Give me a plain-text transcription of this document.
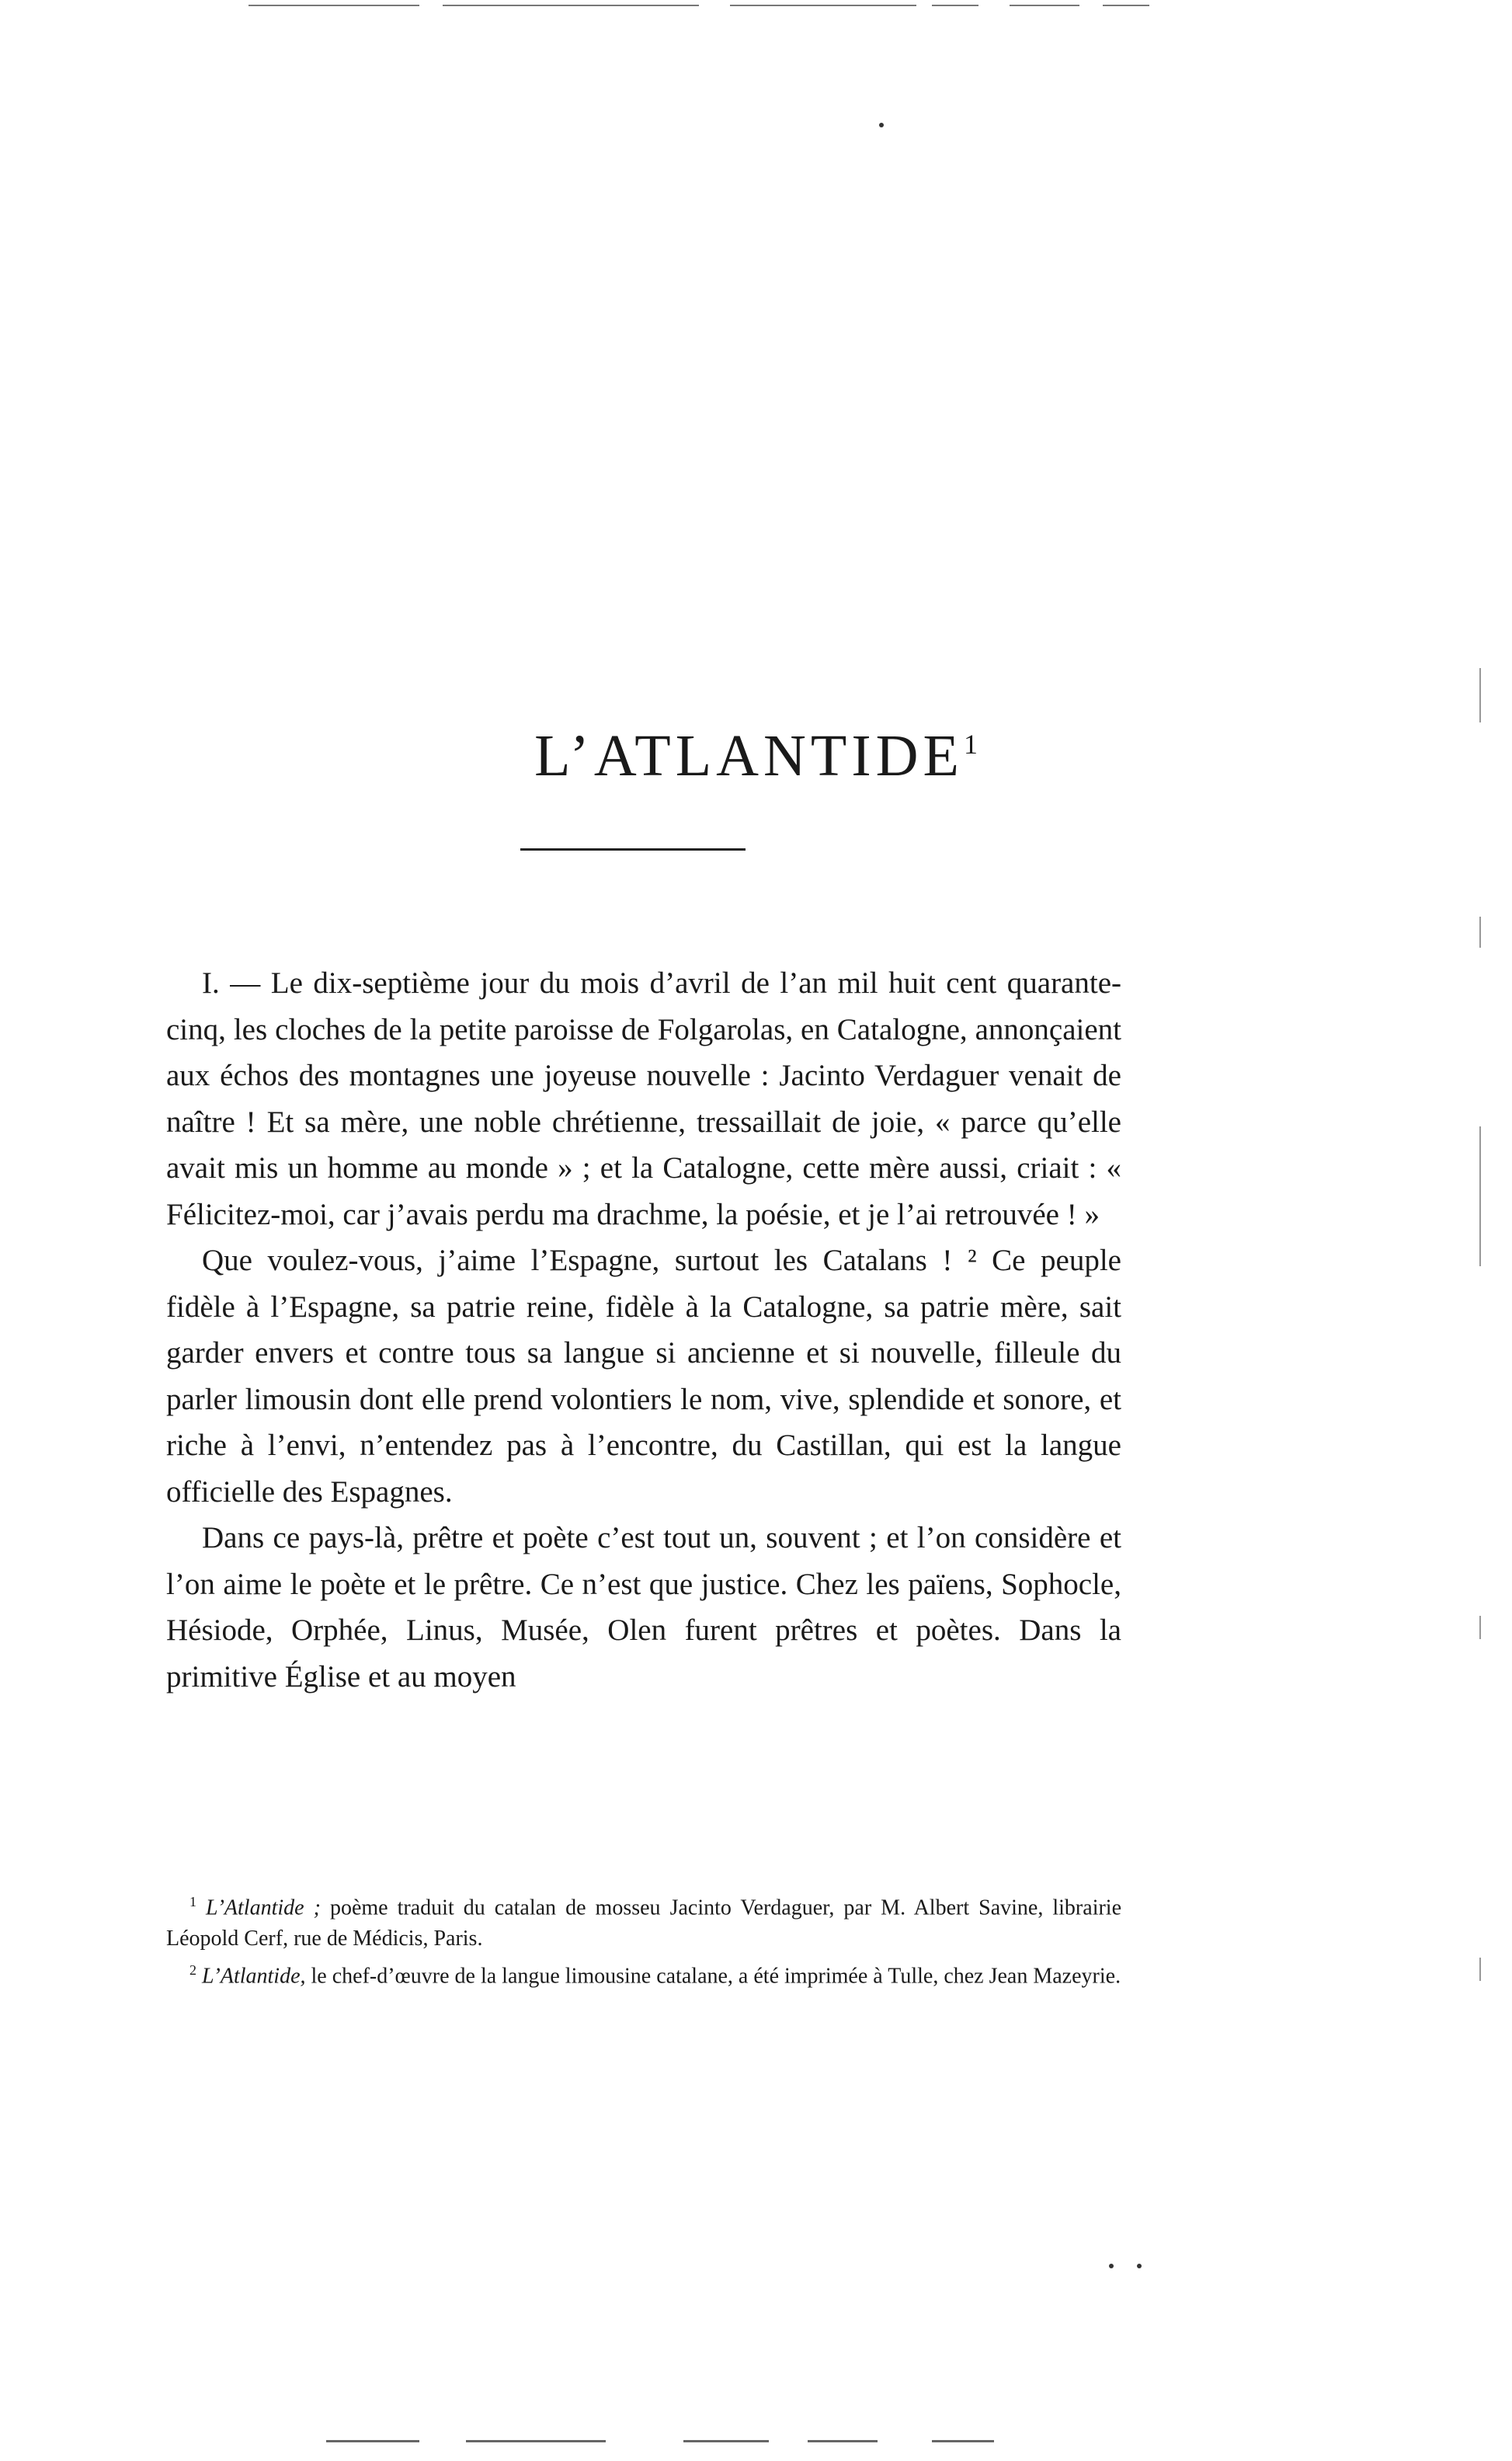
L’ATLANTIDE$^1$

I. — Le dix-septième jour du mois d’avril de l’an mil huit cent quarante-cinq, les cloches de la petite paroisse de Folgarolas, en Catalogne, annonçaient aux échos des montagnes une joyeuse nouvelle : Jacinto Verdaguer venait de naître ! Et sa mère, une noble chrétienne, tressaillait de joie, « parce qu’elle avait mis un homme au monde » ; et la Catalogne, cette mère aussi, criait : « Félicitez-moi, car j’avais perdu ma drachme, la poésie, et je l’ai retrouvée ! »

Que voulez-vous, j’aime l’Espagne, surtout les Catalans ! ² Ce peuple fidèle à l’Espagne, sa patrie reine, fidèle à la Catalogne, sa patrie mère, sait garder envers et contre tous sa langue si ancienne et si nouvelle, filleule du parler limousin dont elle prend volontiers le nom, vive, splendide et sonore, et riche à l’envi, n’entendez pas à l’encontre, du Castillan, qui est la langue officielle des Espagnes.

Dans ce pays-là, prêtre et poète c’est tout un, souvent ; et l’on considère et l’on aime le poète et le prêtre. Ce n’est que justice. Chez les païens, Sophocle, Hésiode, Orphée, Linus, Musée, Olen furent prêtres et poètes. Dans la primitive Église et au moyen

$^1$ L’Atlantide ; poème traduit du catalan de mosseu Jacinto Verdaguer, par M. Albert Savine, librairie Léopold Cerf, rue de Médicis, Paris.

$^2$ L’Atlantide, le chef-d’œuvre de la langue limousine catalane, a été imprimée à Tulle, chez Jean Mazeyrie.
